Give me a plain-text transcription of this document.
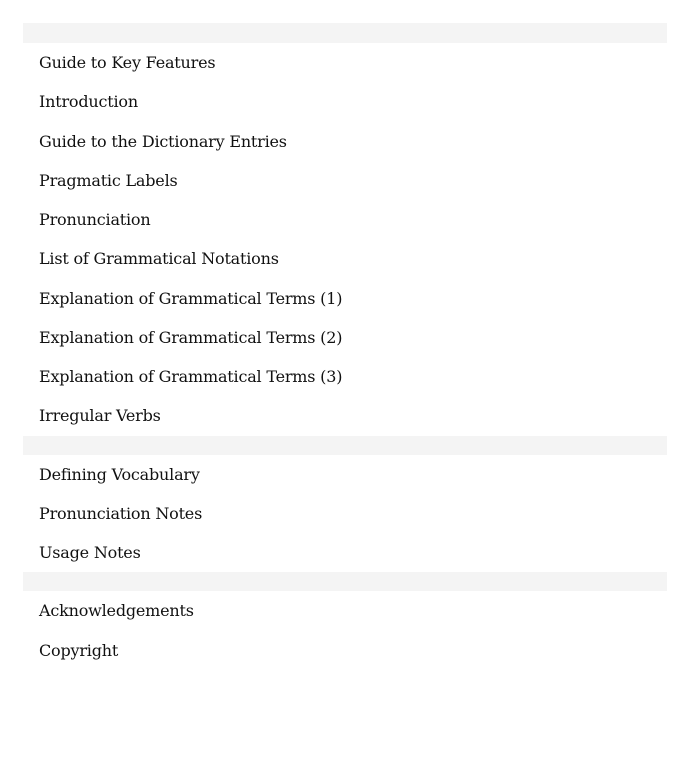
Guide to Key Features
Introduction
Guide to the Dictionary Entries
Pragmatic Labels
Pronunciation
List of Grammatical Notations
Explanation of Grammatical Terms (1)
Explanation of Grammatical Terms (2)
Explanation of Grammatical Terms (3)
Irregular Verbs
Defining Vocabulary
Pronunciation Notes
Usage Notes
Acknowledgements
Copyright
